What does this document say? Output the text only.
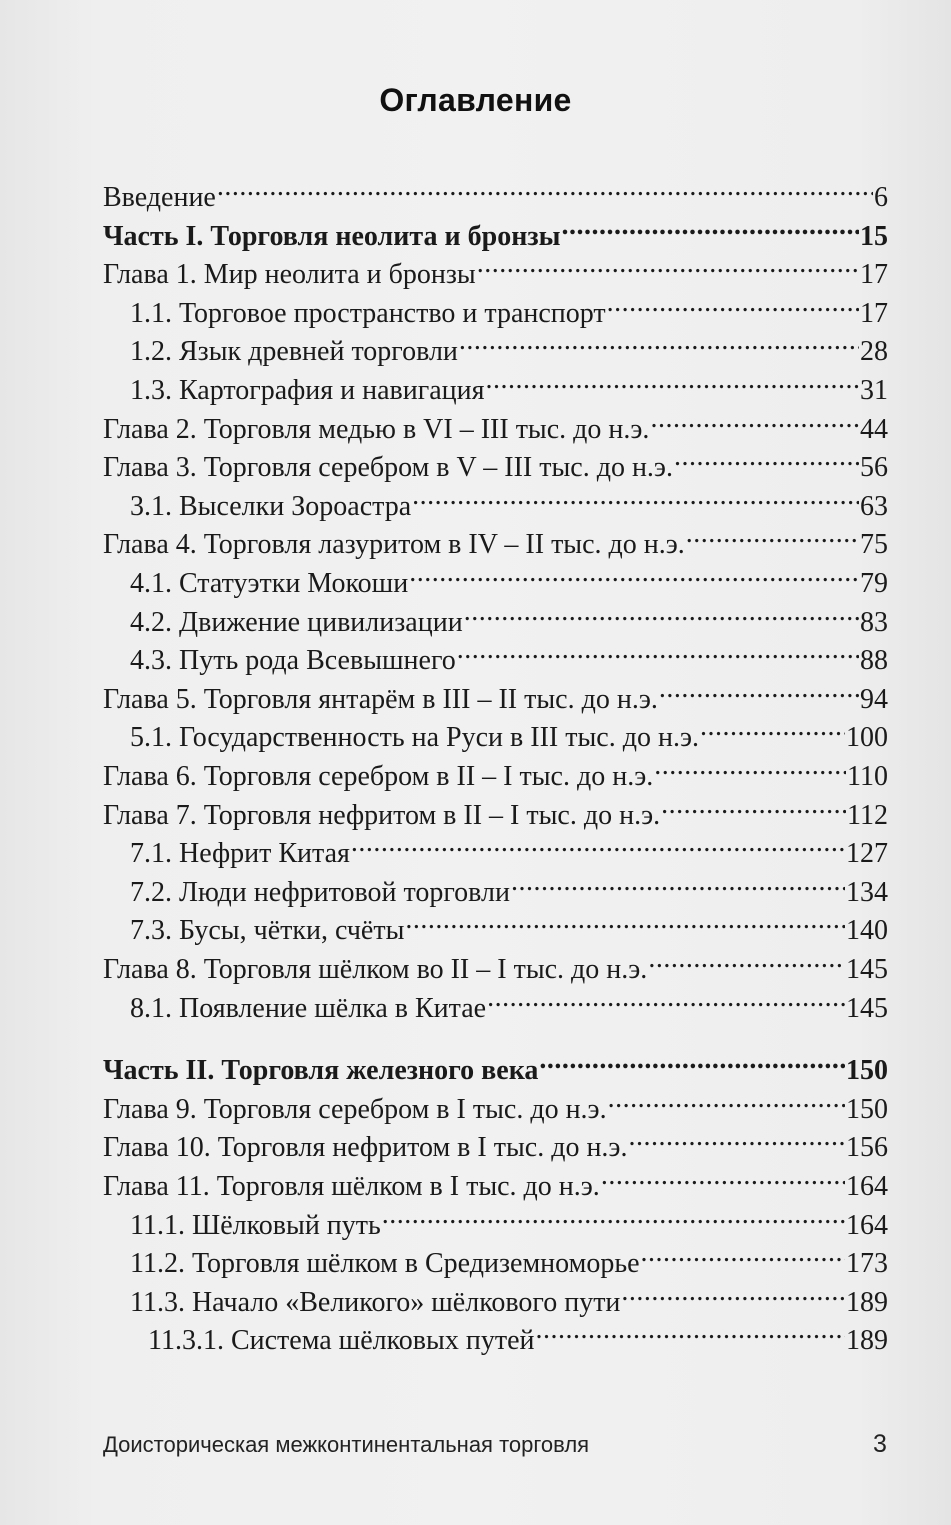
Оглавление
Введение .....	6
Часть I. Торговля неолита и бронзы .....	15
Глава 1. Мир неолита и бронзы .....	17
1.1. Торговое пространство и транспорт .....	17
1.2. Язык древней торговли .....	28
1.3. Картография и навигация .....	31
Глава 2. Торговля медью в VI – III тыс. до н.э. .....	44
Глава 3. Торговля серебром в V – III тыс. до н.э. .....	56
3.1. Выселки Зороастра .....	63
Глава 4. Торговля лазуритом в IV – II тыс. до н.э. .....	75
4.1. Статуэтки Мокоши .....	79
4.2. Движение цивилизации .....	83
4.3. Путь рода Всевышнего .....	88
Глава 5. Торговля янтарём в III – II тыс. до н.э. .....	94
5.1. Государственность на Руси в III тыс. до н.э. .....	100
Глава 6. Торговля серебром в II – I тыс. до н.э. .....	110
Глава 7. Торговля нефритом в II – I тыс. до н.э. .....	112
7.1. Нефрит Китая .....	127
7.2. Люди нефритовой торговли .....	134
7.3. Бусы, чётки, счёты .....	140
Глава 8. Торговля шёлком во II – I тыс. до н.э. .....	145
8.1. Появление шёлка в Китае .....	145
Часть II. Торговля железного века .....	150
Глава 9. Торговля серебром в I тыс. до н.э. .....	150
Глава 10. Торговля нефритом в I тыс. до н.э. .....	156
Глава 11. Торговля шёлком в I тыс. до н.э. .....	164
11.1. Шёлковый путь .....	164
11.2. Торговля шёлком в Средиземноморье .....	173
11.3. Начало «Великого» шёлкового пути .....	189
11.3.1. Система шёлковых путей .....	189
Доисторическая межконтинентальная торговля	3
